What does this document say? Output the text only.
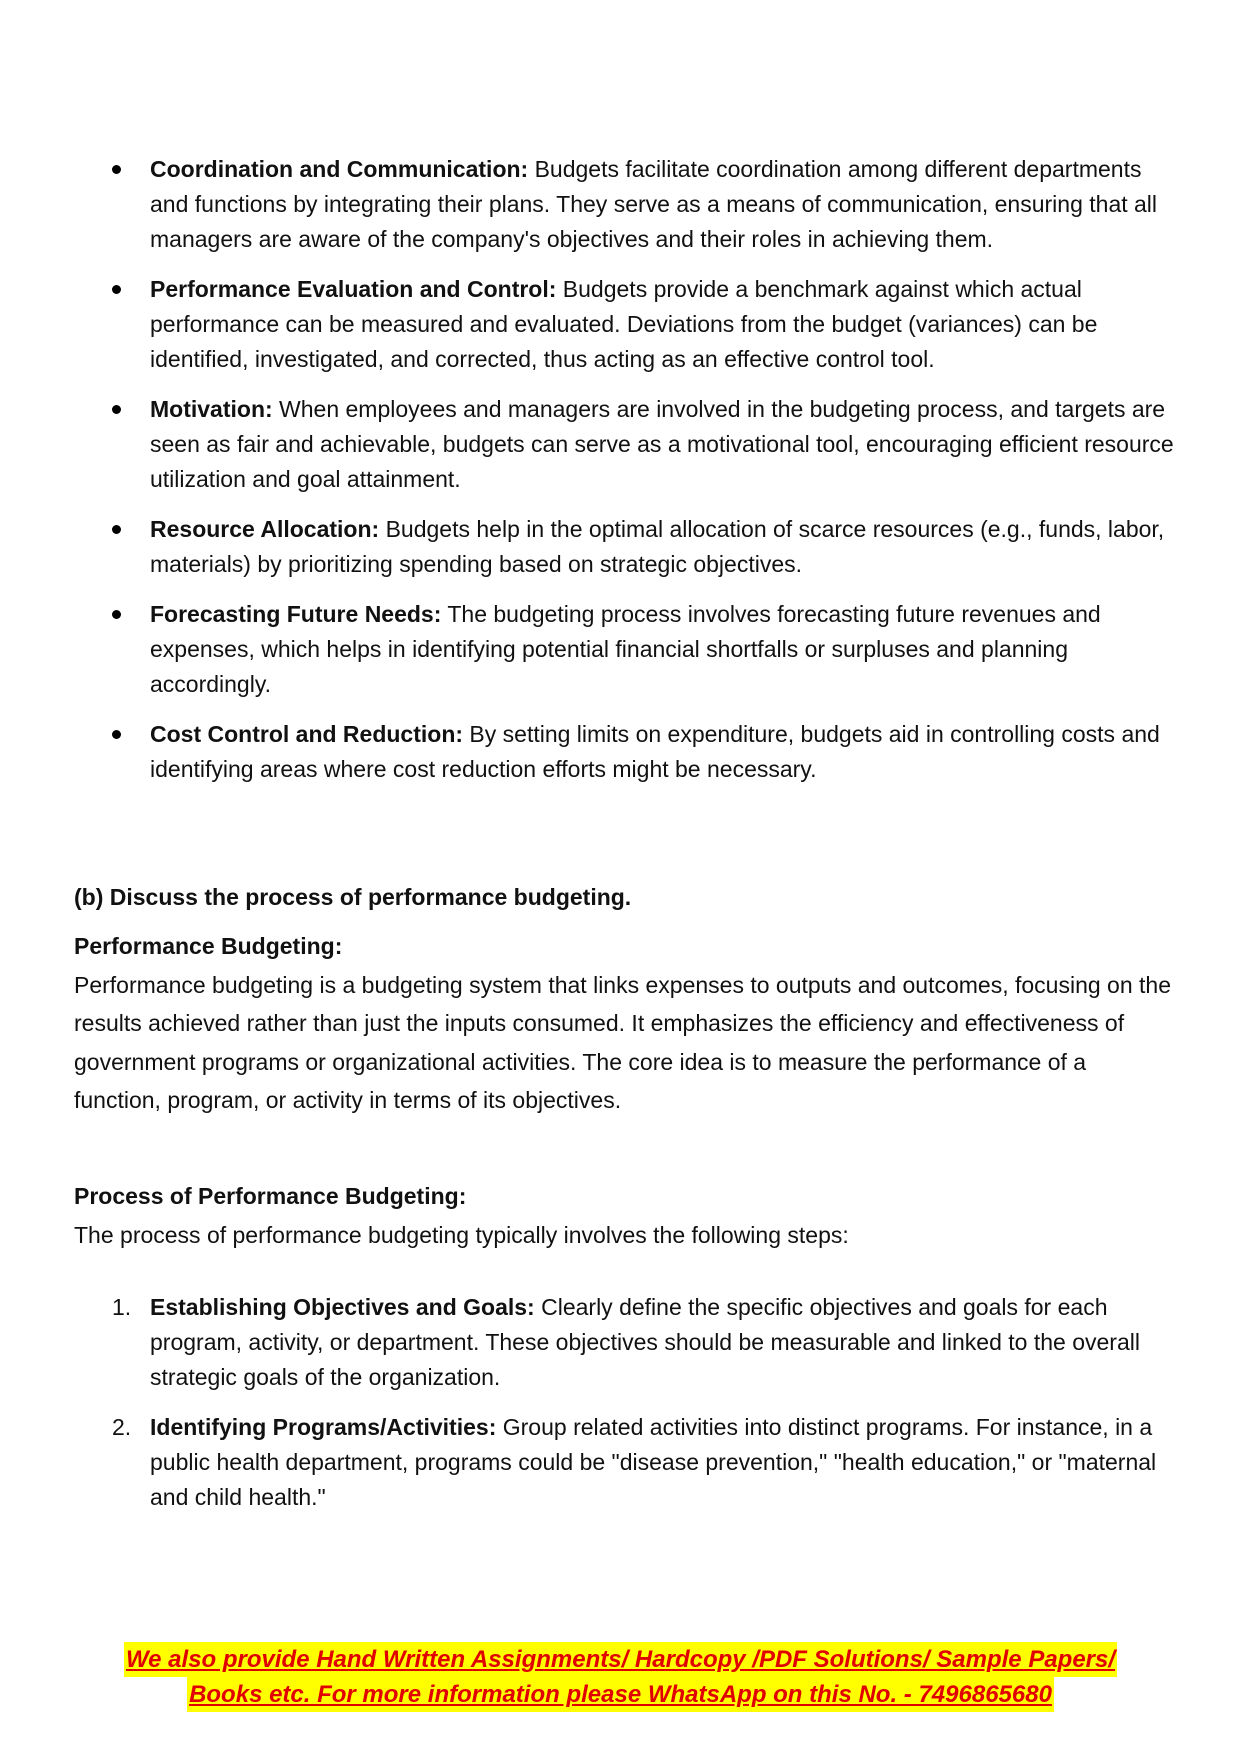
Coordination and Communication: Budgets facilitate coordination among different departments and functions by integrating their plans. They serve as a means of communication, ensuring that all managers are aware of the company's objectives and their roles in achieving them.
Performance Evaluation and Control: Budgets provide a benchmark against which actual performance can be measured and evaluated. Deviations from the budget (variances) can be identified, investigated, and corrected, thus acting as an effective control tool.
Motivation: When employees and managers are involved in the budgeting process, and targets are seen as fair and achievable, budgets can serve as a motivational tool, encouraging efficient resource utilization and goal attainment.
Resource Allocation: Budgets help in the optimal allocation of scarce resources (e.g., funds, labor, materials) by prioritizing spending based on strategic objectives.
Forecasting Future Needs: The budgeting process involves forecasting future revenues and expenses, which helps in identifying potential financial shortfalls or surpluses and planning accordingly.
Cost Control and Reduction: By setting limits on expenditure, budgets aid in controlling costs and identifying areas where cost reduction efforts might be necessary.
(b) Discuss the process of performance budgeting.
Performance Budgeting:

Performance budgeting is a budgeting system that links expenses to outputs and outcomes, focusing on the results achieved rather than just the inputs consumed. It emphasizes the efficiency and effectiveness of government programs or organizational activities. The core idea is to measure the performance of a function, program, or activity in terms of its objectives.

Process of Performance Budgeting:

The process of performance budgeting typically involves the following steps:

1. Establishing Objectives and Goals: Clearly define the specific objectives and goals for each program, activity, or department. These objectives should be measurable and linked to the overall strategic goals of the organization.
2. Identifying Programs/Activities: Group related activities into distinct programs. For instance, in a public health department, programs could be "disease prevention," "health education," or "maternal and child health."
We also provide Hand Written Assignments/ Hardcopy /PDF Solutions/ Sample Papers/
Books etc. For more information please WhatsApp on this No. - 7496865680
